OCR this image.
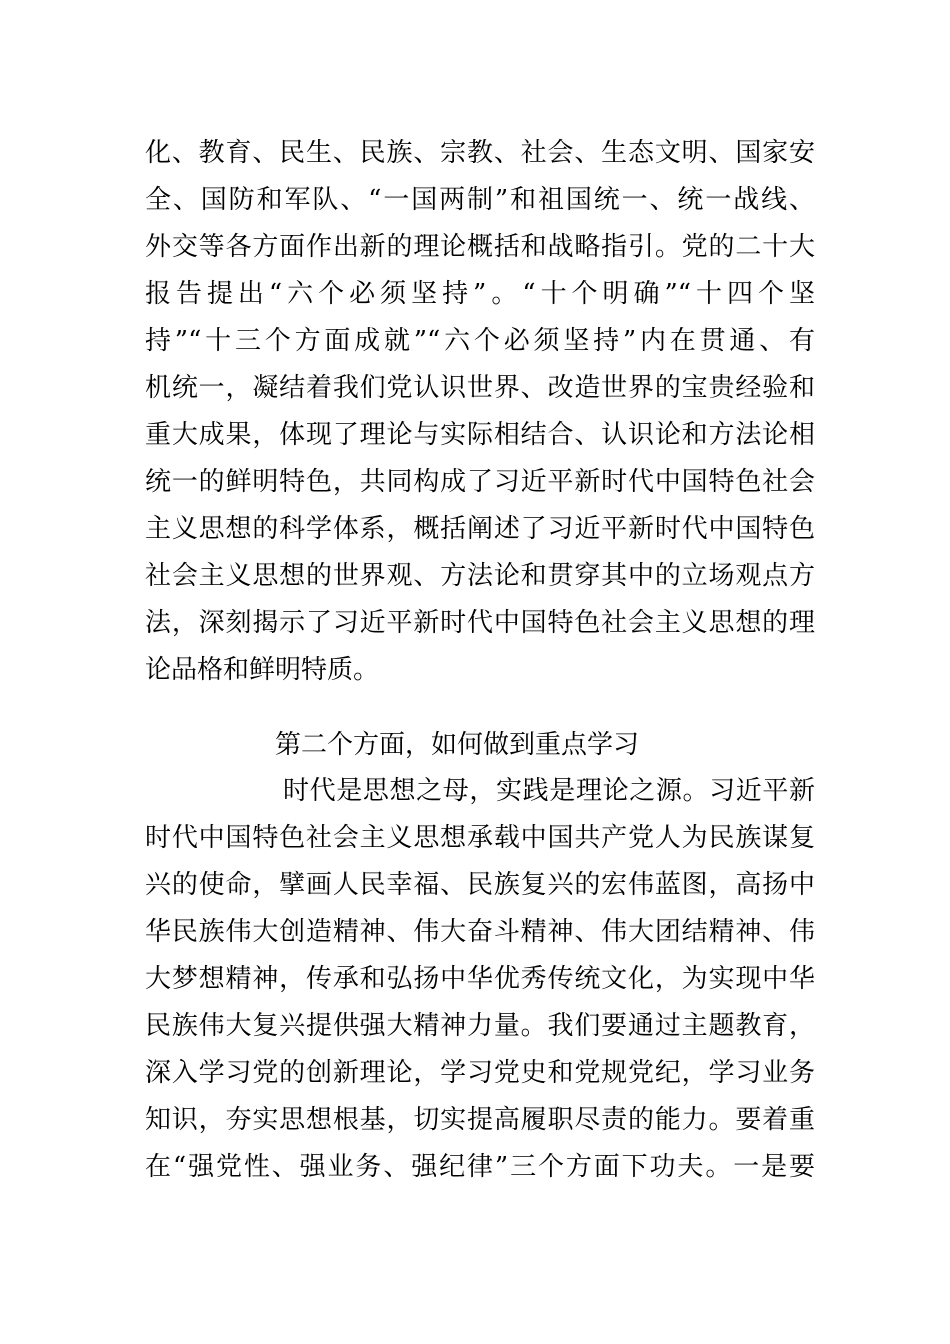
化、教育、民生、民族、宗教、社会、生态文明、国家安
全、国防和军队、“一国两制”和祖国统一、统一战线、
外交等各方面作出新的理论概括和战略指引。党的二十大
报告提出“六个必须坚持”。“十个明确”“十四个坚
持”“十三个方面成就”“六个必须坚持”内在贯通、有
机统一，凝结着我们党认识世界、改造世界的宝贵经验和
重大成果，体现了理论与实际相结合、认识论和方法论相
统一的鲜明特色，共同构成了习近平新时代中国特色社会
主义思想的科学体系，概括阐述了习近平新时代中国特色
社会主义思想的世界观、方法论和贯穿其中的立场观点方
法，深刻揭示了习近平新时代中国特色社会主义思想的理
论品格和鲜明特质。
第二个方面，如何做到重点学习
时代是思想之母，实践是理论之源。习近平新
时代中国特色社会主义思想承载中国共产党人为民族谋复
兴的使命，擘画人民幸福、民族复兴的宏伟蓝图，高扬中
华民族伟大创造精神、伟大奋斗精神、伟大团结精神、伟
大梦想精神，传承和弘扬中华优秀传统文化，为实现中华
民族伟大复兴提供强大精神力量。我们要通过主题教育，
深入学习党的创新理论，学习党史和党规党纪，学习业务
知识，夯实思想根基，切实提高履职尽责的能力。要着重
在“强党性、强业务、强纪律”三个方面下功夫。一是要
